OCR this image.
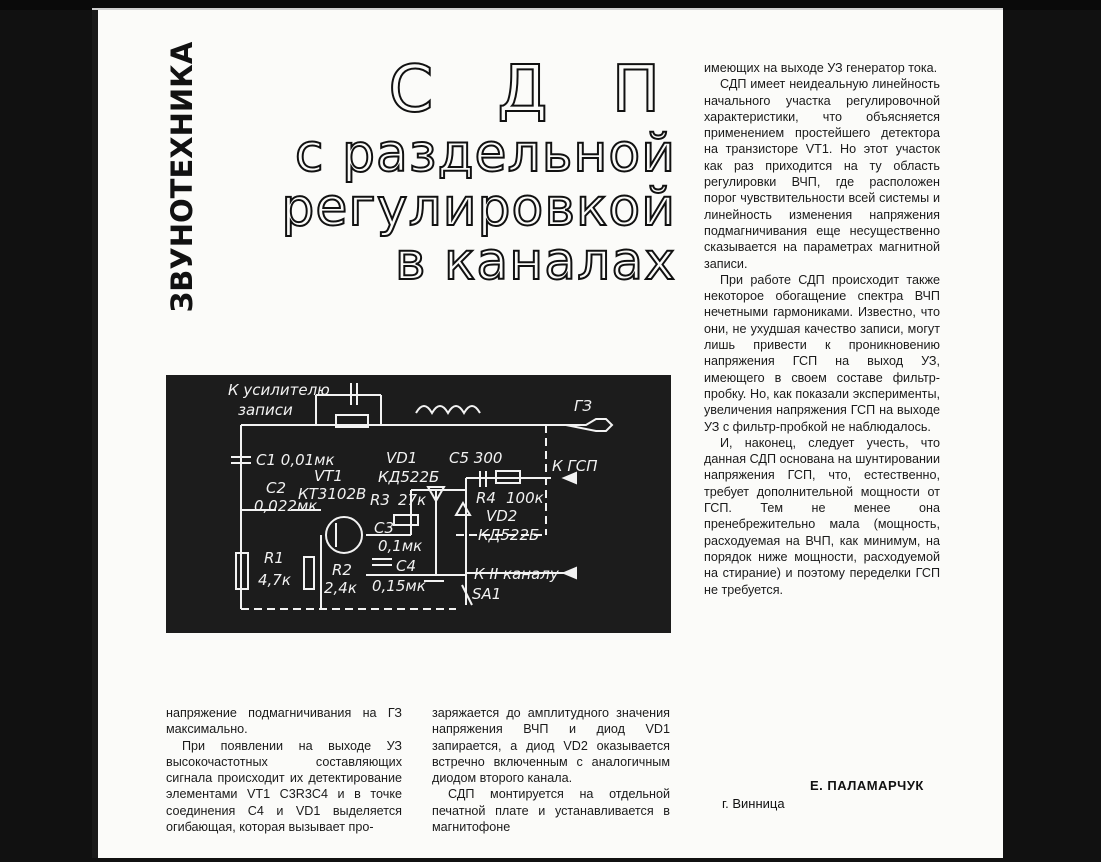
ЗВУНОТЕХНИКА	С Д П
с раздельной
регулировкой
в каналах
К усилителю
записи	ГЗ
С1 0,01мк
VT1
КТ3102В
VD1
КД522Б
С5 300	К ГСП
С2
0,022мк	R3 27к	R4 100к
VD2
КД522Б
С3
0,1мк
С4
0,15мк
R1
4,7к
R2
2,4к
К II каналу
SA1

имеющих на выходе УЗ генератор тока.

СДП имеет неидеальную линейность начального участка регулировочной характеристики, что объясняется применением простейшего детектора на транзисторе VT1. Но этот участок как раз приходится на ту область регулировки ВЧП, где расположен порог чувствительности всей системы и линейность изменения напряжения подмагничивания еще несущественно сказывается на параметрах магнитной записи.

При работе СДП происходит также некоторое обогащение спектра ВЧП нечетными гармониками. Известно, что они, не ухудшая качество записи, могут лишь привести к проникновению напряжения ГСП на выход УЗ, имеющего в своем составе фильтр-пробку. Но, как показали эксперименты, увеличения напряжения ГСП на выходе УЗ с фильтр-пробкой не наблюдалось.

И, наконец, следует учесть, что данная СДП основана на шунтировании напряжения ГСП, что, естественно, требует дополнительной мощности от ГСП. Тем не менее она пренебрежительно мала (мощность, расходуемая на ВЧП, как минимум, на порядок ниже мощности, расходуемой на стирание) и поэтому переделки ГСП не требуется.

напряжение подмагничивания на ГЗ максимально.

При появлении на выходе УЗ высокочастотных составляющих сигнала происходит их детектирование элементами VT1 C3R3C4 и в точке соединения С4 и VD1 выделяется огибающая, которая вызывает про-

заряжается до амплитудного значения напряжения ВЧП и диод VD1 запирается, а диод VD2 оказывается встречно включенным с аналогичным диодом второго канала.

СДП монтируется на отдельной печатной плате и устанавливается в магнитофоне

Е. ПАЛАМАРЧУК
г. Винница
